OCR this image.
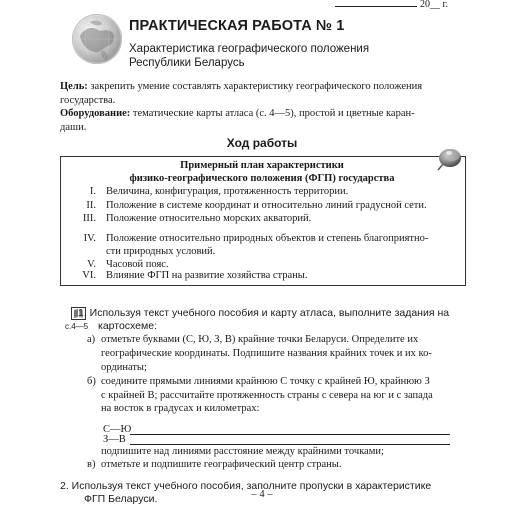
20__ г.
ПРАКТИЧЕСКАЯ РАБОТА № 1
Характеристика географического положения
Республики Беларусь
Цель: закрепить умение составлять характеристику географического положения
государства.
Оборудование: тематические карты атласа (с. 4—5), простой и цветные каран-
даши.
Ход работы
Примерный план характеристики
физико-географического положения (ФГП) государства
I. Величина, конфигурация, протяженность территории.
II. Положение в системе координат и относительно линий градусной сети.
III. Положение относительно морских акваторий.
IV. Положение относительно природных объектов и степень благоприятно-
сти природных условий.
V. Часовой пояс.
VI. Влияние ФГП на развитие хозяйства страны.
с.4—5
1. Используя текст учебного пособия и карту атласа, выполните задания на
картосхеме:
а) отметьте буквами (С, Ю, З, В) крайние точки Беларуси. Определите их
географические координаты. Подпишите названия крайних точек и их ко-
ординаты;
б) соедините прямыми линиями крайнюю С точку с крайней Ю, крайнюю З
с крайней В; рассчитайте протяженность страны с севера на юг и с запада
на восток в градусах и километрах:
С—Ю
З—В
подпишите над линиями расстояние между крайними точками;
в) отметьте и подпишите географический центр страны.
2. Используя текст учебного пособия, заполните пропуски в характеристике
ФГП Беларуси.	– 4 –
